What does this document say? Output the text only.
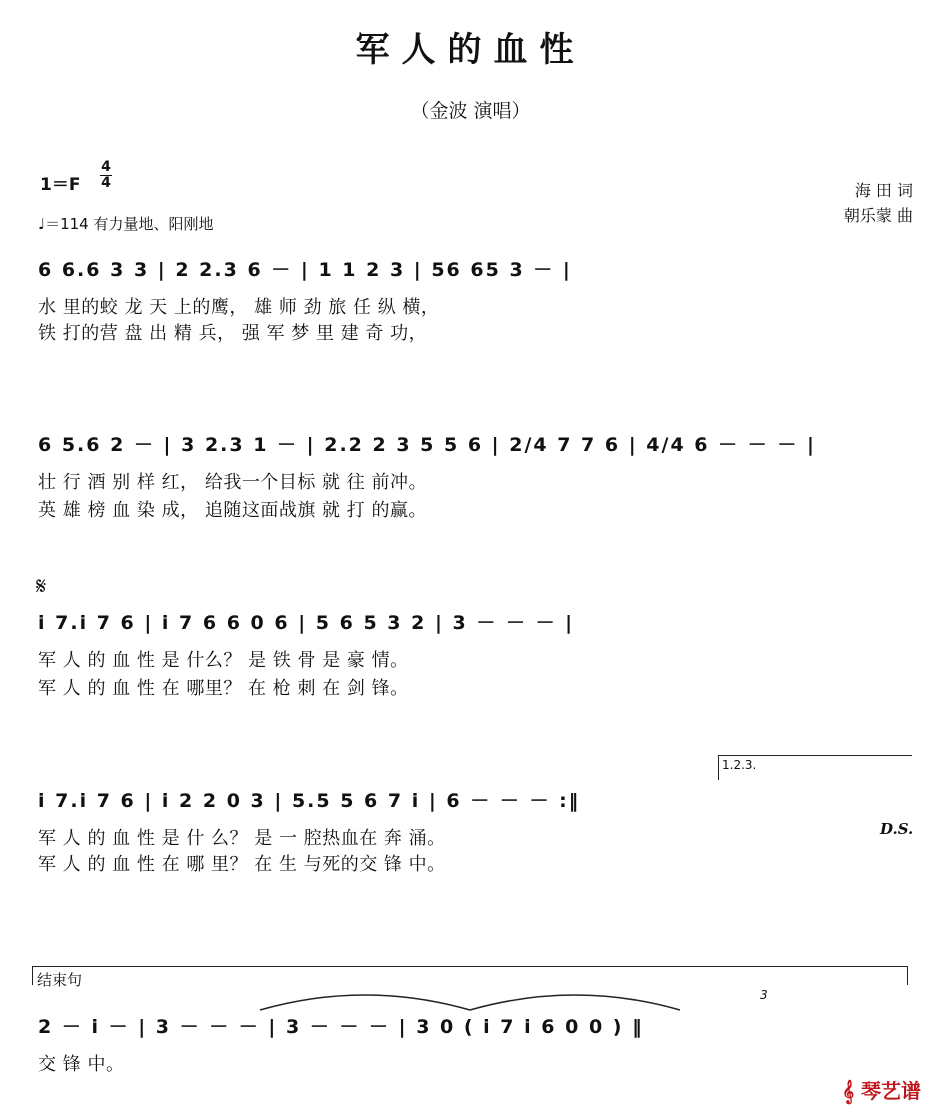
军人的血性
（金波 演唱）
1＝F
4
4
♩＝114 有力量地、阳刚地
海 田 词
朝乐蒙 曲
6 6.6 3 3 | 2 2.3 6 － | 1 1 2 3 | 56 65 3 － |
水 里的蛟 龙 天 上的鹰， 雄 师 劲 旅 任 纵 横，
铁 打的营 盘 出 精 兵， 强 军 梦 里 建 奇 功，
6 5.6 2 － | 3 2.3 1 － | 2.2 2 3 5 5 6 | 2/4 7 7 6 | 4/4 6 － － － |
壮 行 酒 别 样 红， 给我一个目标 就 往 前冲。
英 雄 榜 血 染 成， 追随这面战旗 就 打 的赢。
𝄋
i 7.i 7 6 | i 7 6 6 0 6 | 5 6 5 3 2 | 3 － － － |
军 人 的 血 性 是 什么？ 是 铁 骨 是 豪 情。
军 人 的 血 性 在 哪里？ 在 枪 刺 在 剑 锋。
1.2.3.
i 7.i 7 6 | i 2 2 0 3 | 5.5 5 6 7 i | 6 － － － :‖
军 人 的 血 性 是 什 么？ 是 一 腔热血在 奔 涌。
军 人 的 血 性 在 哪 里？ 在 生 与死的交 锋 中。
D.S.
结束句
3
2 － i － | 3 － － － | 3 － － － | 3 0 ( i 7 i 6 0 0 ) ‖
交 锋 中。
𝄞 琴艺谱
